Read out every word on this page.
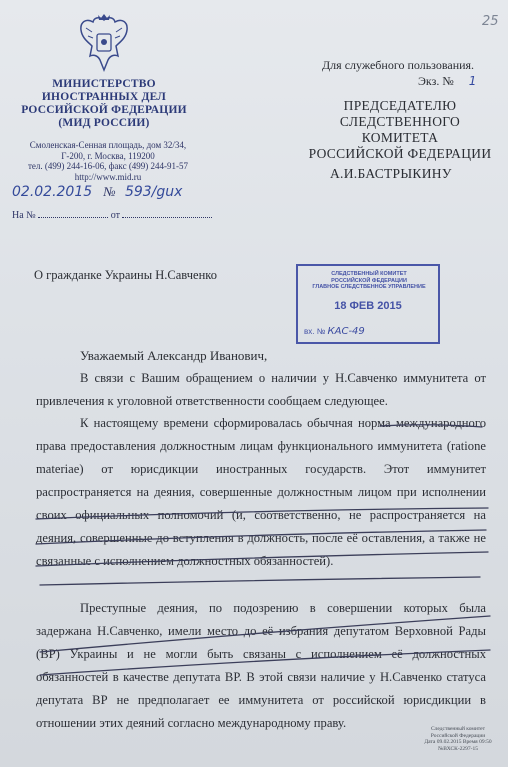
МИНИСТЕРСТВО
ИНОСТРАННЫХ ДЕЛ
РОССИЙСКОЙ ФЕДЕРАЦИИ
(МИД РОССИИ)
Смоленская-Сенная площадь, дом 32/34,
Г-200, г. Москва, 119200
тел. (499) 244-16-06, факс (499) 244-91-57
http://www.mid.ru
02.02.2015 № 593/gux
На №	от
25
Для служебного пользования.
Экз. № 1
ПРЕДСЕДАТЕЛЮ
СЛЕДСТВЕННОГО КОМИТЕТА
РОССИЙСКОЙ ФЕДЕРАЦИИ
А.И.БАСТРЫКИНУ
СЛЕДСТВЕННЫЙ КОМИТЕТ
РОССИЙСКОЙ ФЕДЕРАЦИИ
ГЛАВНОЕ СЛЕДСТВЕННОЕ УПРАВЛЕНИЕ
18 ФЕВ 2015
вх. № КАС-49
О гражданке Украины Н.Савченко
Уважаемый Александр Иванович,
В связи с Вашим обращением о наличии у Н.Савченко иммунитета от привлечения к уголовной ответственности сообщаем следующее.
К настоящему времени сформировалась обычная норма международного права предоставления должностным лицам функционального иммунитета (ratione materiae) от юрисдикции иностранных государств. Этот иммунитет распространяется на деяния, совершенные должностным лицом при исполнении своих официальных полномочий (и, соответственно, не распространяется на деяния, совершенные до вступления в должность, после её оставления, а также не связанные с исполнением должностных обязанностей).
Преступные деяния, по подозрению в совершении которых была задержана Н.Савченко, имели место до её избрания депутатом Верховной Рады (ВР) Украины и не могли быть связаны с исполнением её должностных обязанностей в качестве депутата ВР. В этой связи наличие у Н.Савченко статуса депутата ВР не предполагает ее иммунитета от российской юрисдикции в отношении этих деяний согласно международному праву.	Следственный комитет
Российской Федерации
Дата 09.02.2015 Время 09:50
№ВХСК-2297-15
